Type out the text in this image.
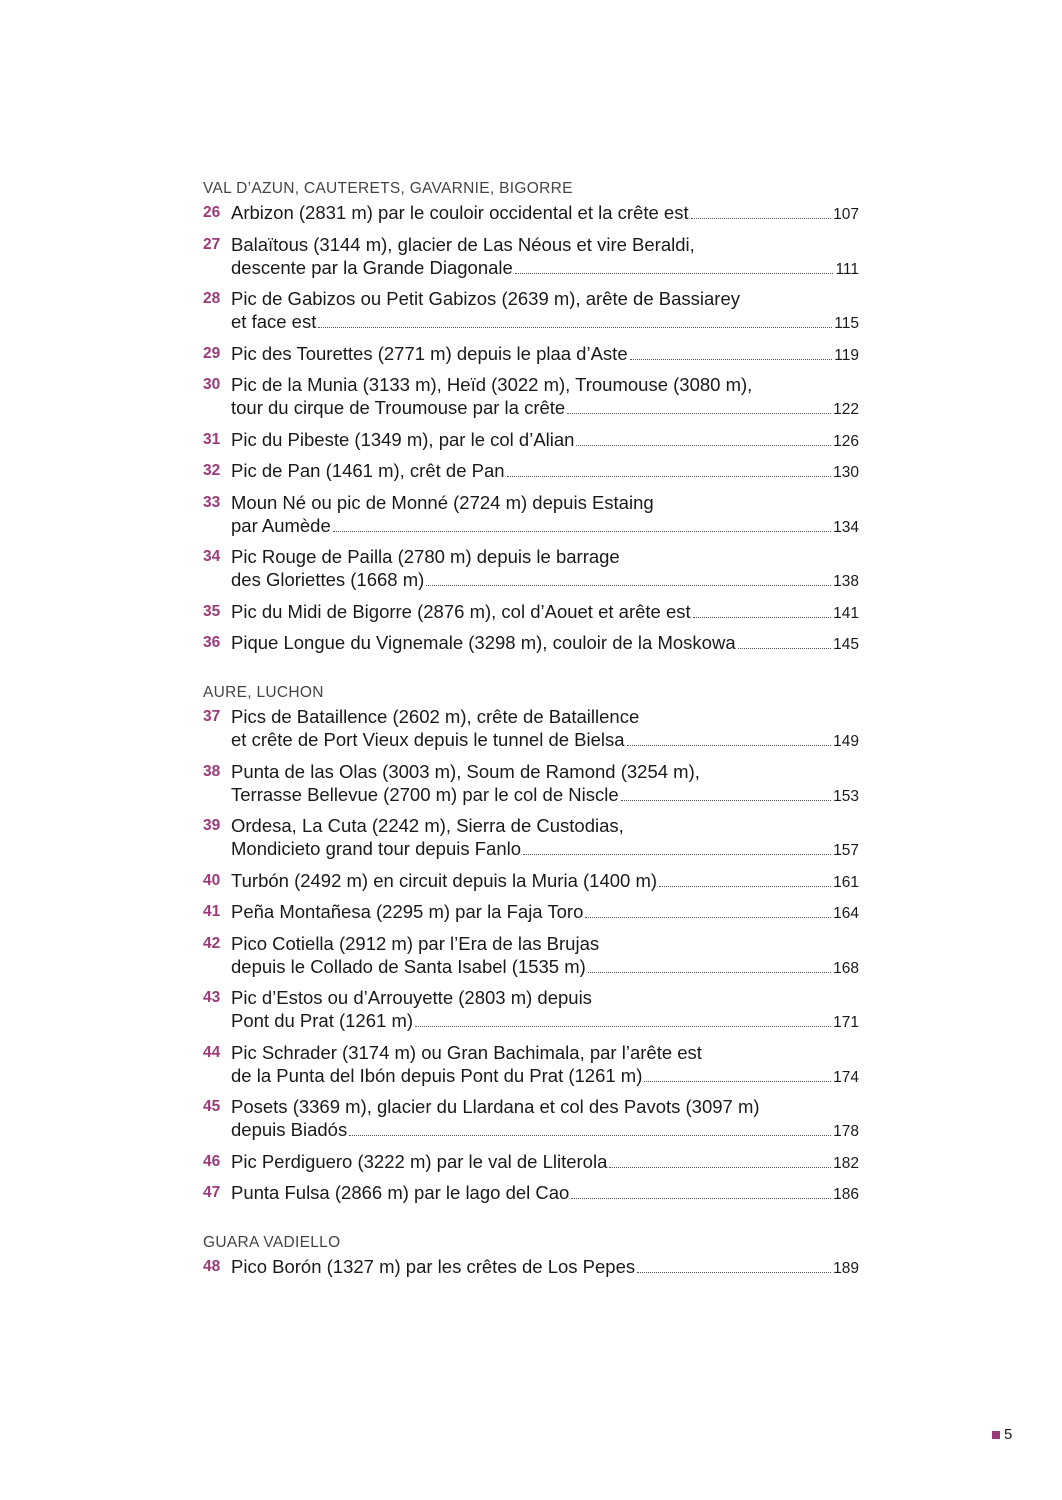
VAL D’AZUN, CAUTERETS, GAVARNIE, BIGORRE
26 Arbizon (2831 m) par le couloir occidental et la crête est	107
27 Balaïtous (3144 m), glacier de Las Néous et vire Beraldi,
descente par la Grande Diagonale	111
28 Pic de Gabizos ou Petit Gabizos (2639 m), arête de Bassiarey
et face est	115
29 Pic des Tourettes (2771 m) depuis le plaa d’Aste	119
30 Pic de la Munia (3133 m), Heïd (3022 m), Troumouse (3080 m),
tour du cirque de Troumouse par la crête	122
31 Pic du Pibeste (1349 m), par le col d’Alian	126
32 Pic de Pan (1461 m), crêt de Pan	130
33 Moun Né ou pic de Monné (2724 m) depuis Estaing
par Aumède	134
34 Pic Rouge de Pailla (2780 m) depuis le barrage
des Gloriettes (1668 m)	138
35 Pic du Midi de Bigorre (2876 m), col d’Aouet et arête est	141
36 Pique Longue du Vignemale (3298 m), couloir de la Moskowa	145
AURE, LUCHON
37 Pics de Bataillence (2602 m), crête de Bataillence
et crête de Port Vieux depuis le tunnel de Bielsa	149
38 Punta de las Olas (3003 m), Soum de Ramond (3254 m),
Terrasse Bellevue (2700 m) par le col de Niscle	153
39 Ordesa, La Cuta (2242 m), Sierra de Custodias,
Mondicieto grand tour depuis Fanlo	157
40 Turbón (2492 m) en circuit depuis la Muria (1400 m)	161
41 Peña Montañesa (2295 m) par la Faja Toro	164
42 Pico Cotiella (2912 m) par l’Era de las Brujas
depuis le Collado de Santa Isabel (1535 m)	168
43 Pic d’Estos ou d’Arrouyette (2803 m) depuis
Pont du Prat (1261 m)	171
44 Pic Schrader (3174 m) ou Gran Bachimala, par l’arête est
de la Punta del Ibón depuis Pont du Prat (1261 m)	174
45 Posets (3369 m), glacier du Llardana et col des Pavots (3097 m)
depuis Biadós	178
46 Pic Perdiguero (3222 m) par le val de Lliterola	182
47 Punta Fulsa (2866 m) par le lago del Cao	186
GUARA VADIELLO
48 Pico Borón (1327 m) par les crêtes de Los Pepes	189
5
